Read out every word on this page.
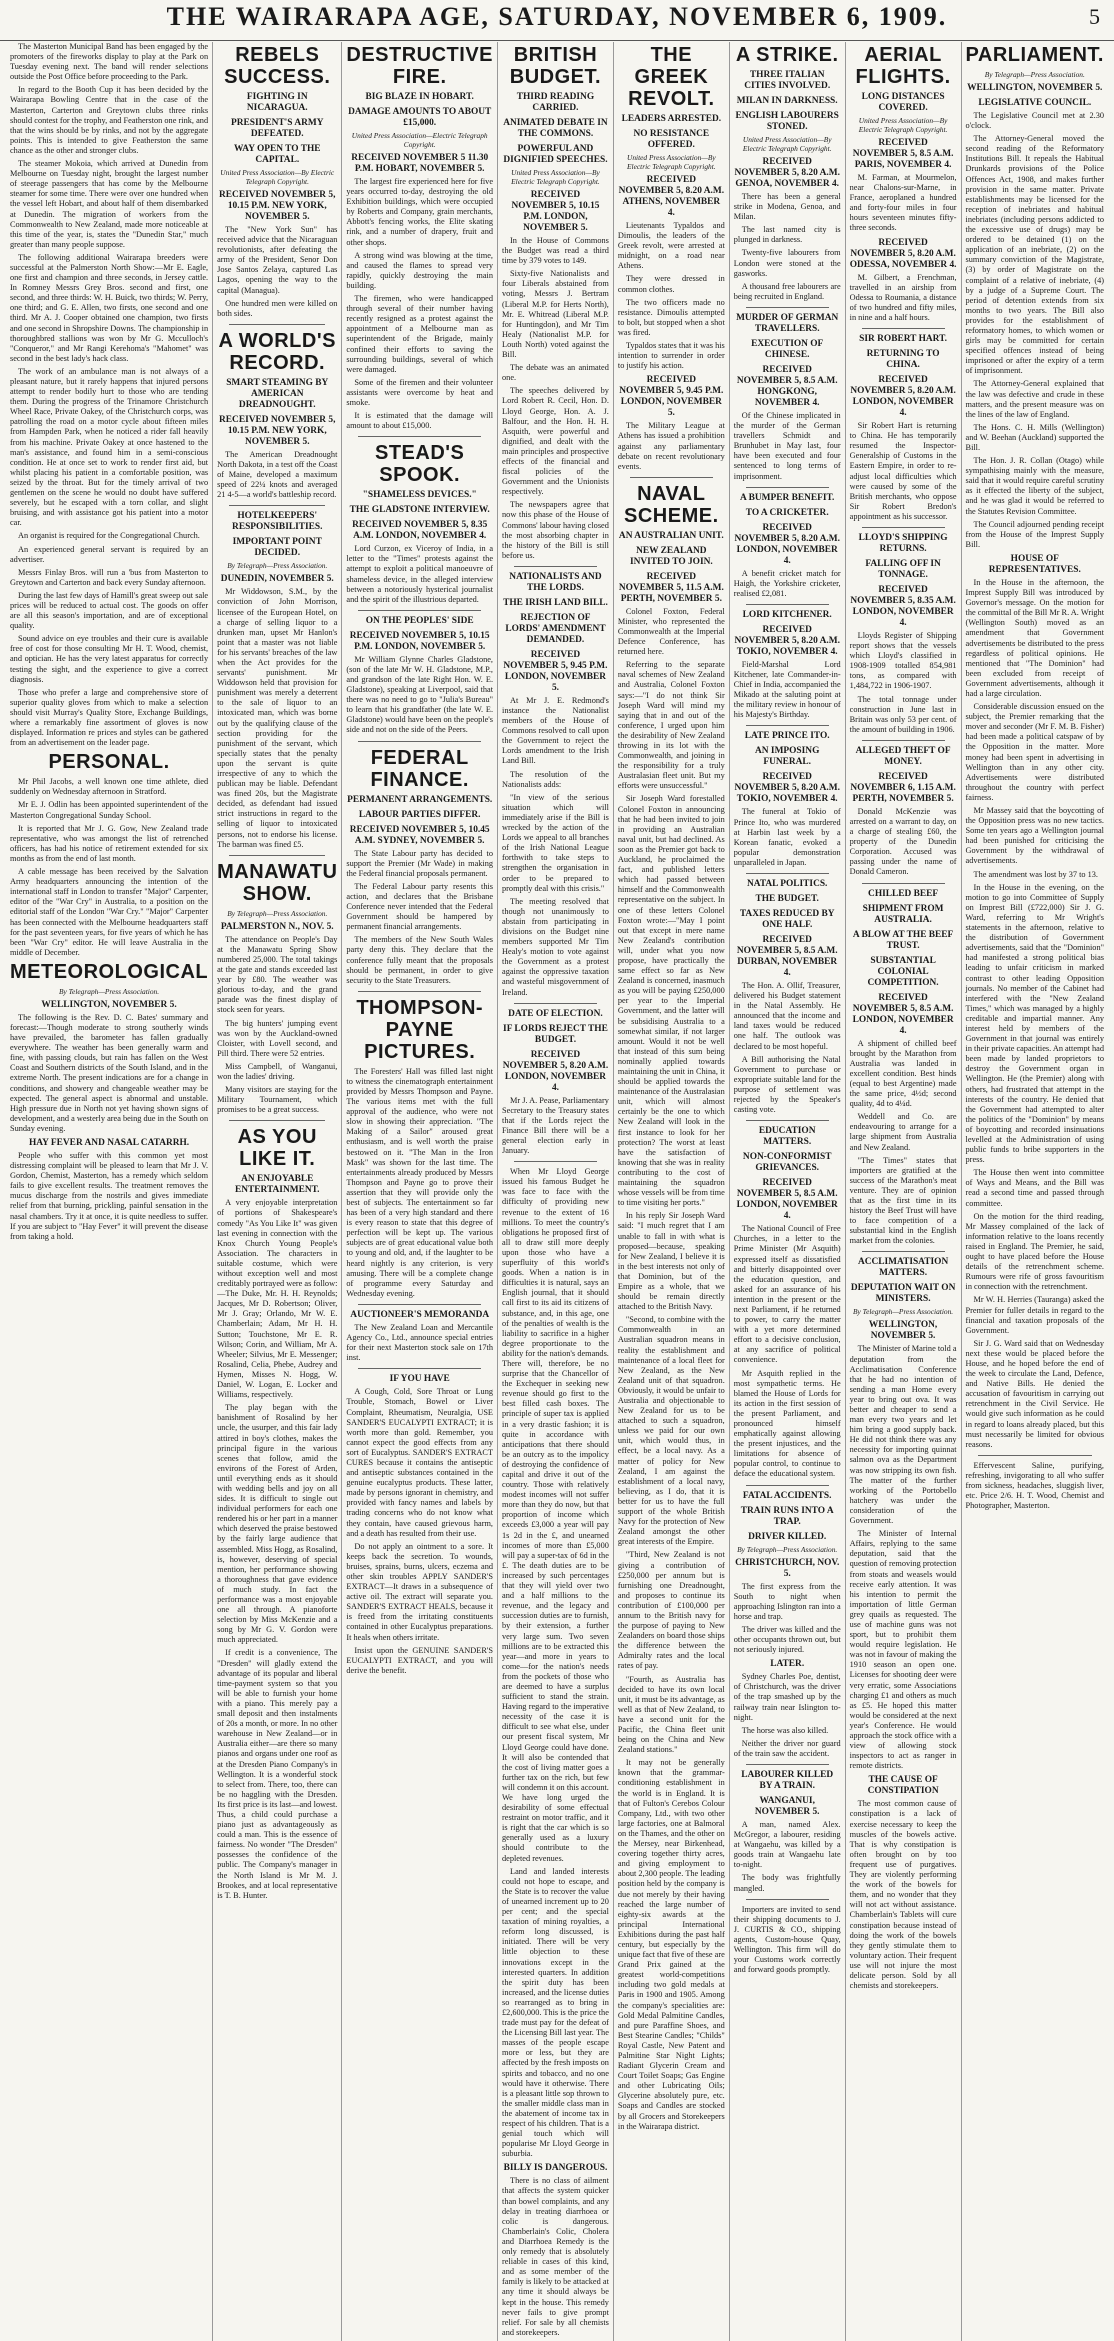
THE WAIRARAPA AGE, SATURDAY, NOVEMBER 6, 1909.	5

The Masterton Municipal Band has been engaged by the promoters of the fireworks display to play at the Park on Tuesday evening next. The band will render selections outside the Post Office before proceeding to the Park.

In regard to the Booth Cup it has been decided by the Wairarapa Bowling Centre that in the case of the Masterton, Carterton and Greytown clubs three rinks should contest for the trophy, and Featherston one rink, and that the wins should be by rinks, and not by the aggregate points. This is intended to give Featherston the same chance as the other and stronger clubs.

The steamer Mokoia, which arrived at Dunedin from Melbourne on Tuesday night, brought the largest number of steerage passengers that has come by the Melbourne steamer for some time. There were over one hundred when the vessel left Hobart, and about half of them disembarked at Dunedin. The migration of workers from the Commonwealth to New Zealand, made more noticeable at this time of the year, is, states the "Dunedin Star," much greater than many people suppose.

The following additional Wairarapa breeders were successful at the Palmerston North Show:—Mr E. Eagle, one first and champion and three seconds, in Jersey cattle. In Romney Messrs Grey Bros. second and first, one second, and three thirds: W. H. Buick, two thirds; W. Perry, one third; and G. E. Allen, two firsts, one second and one third. Mr A. J. Cooper obtained one champion, two firsts and one second in Shropshire Downs. The championship in thoroughbred stallions was won by Mr G. Mcculloch's "Conqueror," and Mr Rangi Kerehoma's "Mahomet" was second in the best lady's hack class.

The work of an ambulance man is not always of a pleasant nature, but it rarely happens that injured persons attempt to render bodily hurt to those who are tending them. During the progress of the Trinamore Christchurch Wheel Race, Private Oakey, of the Christchurch corps, was patrolling the road on a motor cycle about fifteen miles from Hampden Park, when he noticed a rider fall heavily from his machine. Private Oakey at once hastened to the man's assistance, and found him in a semi-conscious condition. He at once set to work to render first aid, but whilst placing his patient in a comfortable position, was seized by the throat. But for the timely arrival of two gentlemen on the scene he would no doubt have suffered severely, but he escaped with a torn collar, and slight bruising, and with assistance got his patient into a motor car.

An organist is required for the Congregational Church.

An experienced general servant is required by an advertiser.

Messrs Finlay Bros. will run a 'bus from Masterton to Greytown and Carterton and back every Sunday afternoon.

During the last few days of Hamill's great sweep out sale prices will be reduced to actual cost. The goods on offer are all this season's importation, and are of exceptional quality.

Sound advice on eye troubles and their cure is available free of cost for those consulting Mr H. T. Wood, chemist, and optician. He has the very latest apparatus for correctly testing the sight, and the experience to give a correct diagnosis.

Those who prefer a large and comprehensive store of superior quality gloves from which to make a selection should visit Murray's Quality Store, Exchange Buildings, where a remarkably fine assortment of gloves is now displayed. Information re prices and styles can be gathered from an advertisement on the leader page.

PERSONAL.

Mr Phil Jacobs, a well known one time athlete, died suddenly on Wednesday afternoon in Stratford.

Mr E. J. Odlin has been appointed superintendent of the Masterton Congregational Sunday School.

It is reported that Mr J. G. Gow, New Zealand trade representative, who was amongst the list of retrenched officers, has had his notice of retirement extended for six months as from the end of last month.

A cable message has been received by the Salvation Army headquarters announcing the intention of the international staff in London to transfer "Major" Carpenter, editor of the "War Cry" in Australia, to a position on the editorial staff of the London "War Cry." "Major" Carpenter has been connected with the Melbourne headquarters staff for the past seventeen years, for five years of which he has been "War Cry" editor. He will leave Australia in the middle of December.

METEOROLOGICAL
By Telegraph—Press Association.
WELLINGTON, NOVEMBER 5.

The following is the Rev. D. C. Bates' summary and forecast:—Though moderate to strong southerly winds have prevailed, the barometer has fallen gradually everywhere. The weather has been generally warm and fine, with passing clouds, but rain has fallen on the West Coast and Southern districts of the South Island, and in the extreme North. The present indications are for a change in conditions, and showery and changeable weather may be expected. The general aspect is abnormal and unstable. High pressure due in North not yet having shown signs of development, and a westerly area being due in the South on Sunday evening.

HAY FEVER AND NASAL CATARRH.

People who suffer with this common yet most distressing complaint will be pleased to learn that Mr J. V. Gordon, Chemist, Masterton, has a remedy which seldom fails to give excellent results. The treatment removes the mucus discharge from the nostrils and gives immediate relief from that burning, prickling, painful sensation in the nasal chambers. Try it at once, it is quite needless to suffer. If you are subject to "Hay Fever" it will prevent the disease from taking a hold.

REBELS SUCCESS.
FIGHTING IN NICARAGUA.
PRESIDENT'S ARMY DEFEATED.
WAY OPEN TO THE CAPITAL.
United Press Association—By Electric Telegraph Copyright.
RECEIVED NOVEMBER 5, 10.15 P.M. NEW YORK, NOVEMBER 5.

The "New York Sun" has received advice that the Nicaraguan revolutionists, after defeating the army of the President, Senor Don Jose Santos Zelaya, captured Las Lagos, opening the way to the capital (Managua).

One hundred men were killed on both sides.

A WORLD'S RECORD.
SMART STEAMING BY AMERICAN DREADNOUGHT.
RECEIVED NOVEMBER 5, 10.15 P.M. NEW YORK, NOVEMBER 5.

The American Dreadnought North Dakota, in a test off the Coast of Maine, developed a maximum speed of 22¼ knots and averaged 21 4-5—a world's battleship record.

HOTELKEEPERS' RESPONSIBILITIES.
IMPORTANT POINT DECIDED.
By Telegraph—Press Association.
DUNEDIN, NOVEMBER 5.

Mr Widdowson, S.M., by the conviction of John Morrison, licensee of the European Hotel, on a charge of selling liquor to a drunken man, upset Mr Hanlon's point that a master was not liable for his servants' breaches of the law when the Act provides for the servants' punishment. Mr Widdowson held that provision for punishment was merely a deterrent to the sale of liquor to an intoxicated man, which was borne out by the qualifying clause of the section providing for the punishment of the servant, which specially states that the penalty upon the servant is quite irrespective of any to which the publican may be liable. Defendant was fined 20s, but the Magistrate decided, as defendant had issued strict instructions in regard to the selling of liquor to intoxicated persons, not to endorse his license. The barman was fined £5.

MANAWATU SHOW.
By Telegraph—Press Association.
PALMERSTON N., NOV. 5.

The attendance on People's Day at the Manawatu Spring Show numbered 25,000. The total takings at the gate and stands exceeded last year by £80. The weather was glorious to-day, and the grand parade was the finest display of stock seen for years.

The big hunters' jumping event was won by the Auckland-owned Cloister, with Lovell second, and Pill third. There were 52 entries.

Miss Campbell, of Wanganui, won the ladies' driving.

Many visitors are staying for the Military Tournament, which promises to be a great success.

AS YOU LIKE IT.
AN ENJOYABLE ENTERTAINMENT.

A very enjoyable interpretation of portions of Shakespeare's comedy "As You Like It" was given last evening in connection with the Knox Church Young People's Association. The characters in suitable costume, which were without exception well and most creditably portrayed were as follow:—The Duke, Mr. H. H. Reynolds; Jacques, Mr D. Robertson; Oliver, Mr J. Gray; Orlando, Mr W. E. Chamberlain; Adam, Mr H. H. Sutton; Touchstone, Mr E. R. Wilson; Corin, and William, Mr A. Wheeler; Silvius, Mr E. Messenger; Rosalind, Celia, Phebe, Audrey and Hymen, Misses N. Hogg, W. Daniel, W. Logan, E. Locker and Williams, respectively.

The play began with the banishment of Rosalind by her uncle, the usurper, and this fair lady attired in boy's clothes, makes the principal figure in the various scenes that follow, amid the environs of the Forest of Arden, until everything ends as it should with wedding bells and joy on all sides. It is difficult to single out individual performers for each one rendered his or her part in a manner which deserved the praise bestowed by the fairly large audience that assembled. Miss Hogg, as Rosalind, is, however, deserving of special mention, her performance showing a thoroughness that gave evidence of much study. In fact the performance was a most enjoyable one all through. A pianoforte selection by Miss McKenzie and a song by Mr G. V. Gordon were much appreciated.

If credit is a convenience, The "Dresden" will gladly extend the advantage of its popular and liberal time-payment system so that you will be able to furnish your home with a piano. This merely pay a small deposit and then instalments of 20s a month, or more. In no other warehouse in New Zealand—or in Australia either—are there so many pianos and organs under one roof as at the Dresden Piano Company's in Wellington. It is a wonderful stock to select from. There, too, there can be no haggling with the Dresden. Its first price is its last—and lowest. Thus, a child could purchase a piano just as advantageously as could a man. This is the essence of fairness. No wonder "The Dresden" possesses the confidence of the public. The Company's manager in the North Island is Mr M. J. Brookes, and at local representative is T. B. Hunter.

DESTRUCTIVE FIRE.
BIG BLAZE IN HOBART.
DAMAGE AMOUNTS TO ABOUT £15,000.
United Press Association—Electric Telegraph Copyright.
RECEIVED NOVEMBER 5 11.30 P.M. HOBART, NOVEMBER 5.

The largest fire experienced here for five years occurred to-day, destroying the old Exhibition buildings, which were occupied by Roberts and Company, grain merchants, Abbott's fencing works, the Elite skating rink, and a number of drapery, fruit and other shops.

A strong wind was blowing at the time, and caused the flames to spread very rapidly, quickly destroying the main building.

The firemen, who were handicapped through several of their number having recently resigned as a protest against the appointment of a Melbourne man as superintendent of the Brigade, mainly confined their efforts to saving the surrounding buildings, several of which were damaged.

Some of the firemen and their volunteer assistants were overcome by heat and smoke.

It is estimated that the damage will amount to about £15,000.

STEAD'S SPOOK.
"SHAMELESS DEVICES."
THE GLADSTONE INTERVIEW.
RECEIVED NOVEMBER 5, 8.35 A.M. LONDON, NOVEMBER 4.

Lord Curzon, ex Viceroy of India, in a letter to the "Times" protests against the attempt to exploit a political manoeuvre of shameless device, in the alleged interview between a notoriously hysterical journalist and the spirit of the illustrious departed.

ON THE PEOPLES' SIDE
RECEIVED NOVEMBER 5, 10.15 P.M. LONDON, NOVEMBER 5.

Mr William Glynne Charles Gladstone, (son of the late Mr W. H. Gladstone, M.P., and grandson of the late Right Hon. W. E. Gladstone), speaking at Liverpool, said that there was no need to go to "Julia's Bureau" to learn that his grandfather (the late W. E. Gladstone) would have been on the people's side and not on the side of the Peers.

FEDERAL FINANCE.
PERMANENT ARRANGEMENTS.
LABOUR PARTIES DIFFER.
RECEIVED NOVEMBER 5, 10.45 A.M. SYDNEY, NOVEMBER 5.

The State Labour party has decided to support the Premier (Mr Wade) in making the Federal financial proposals permanent.

The Federal Labour party resents this action, and declares that the Brisbane Conference never intended that the Federal Government should be hampered by permanent financial arrangements.

The members of the New South Wales party deny this. They declare that the conference fully meant that the proposals should be permanent, in order to give security to the State Treasurers.

THOMPSON-PAYNE PICTURES.

The Foresters' Hall was filled last night to witness the cinematograph entertainment provided by Messrs Thompson and Payne. The various items met with the full approval of the audience, who were not slow in showing their appreciation. "The Making of a Sailor" aroused great enthusiasm, and is well worth the praise bestowed on it. "The Man in the Iron Mask" was shown for the last time. The entertainments already produced by Messrs Thompson and Payne go to prove their assertion that they will provide only the best of subjects. The entertainment so far has been of a very high standard and there is every reason to state that this degree of perfection will be kept up. The various subjects are of great educational value both to young and old, and, if the laughter to be heard nightly is any criterion, is very amusing. There will be a complete change of programme every Saturday and Wednesday evening.

AUCTIONEER'S MEMORANDA

The New Zealand Loan and Mercantile Agency Co., Ltd., announce special entries for their next Masterton stock sale on 17th inst.

IF YOU HAVE

A Cough, Cold, Sore Throat or Lung Trouble, Stomach, Bowel or Liver Complaint, Rheumatism, Neuralgia, USE SANDER'S EUCALYPTI EXTRACT; it is worth more than gold. Remember, you cannot expect the good effects from any sort of Eucalyptus. SANDER'S EXTRACT CURES because it contains the antiseptic and antiseptic substances contained in the genuine eucalyptus products. These latter, made by persons ignorant in chemistry, and provided with fancy names and labels by trading concerns who do not know what they contain, have caused grievous harm, and a death has resulted from their use.

Do not apply an ointment to a sore. It keeps back the secretion. To wounds, bruises, sprains, burns, ulcers, eczema and other skin troubles APPLY SANDER'S EXTRACT—It draws in a subsequence of active oil. The extract will separate you. SANDER'S EXTRACT HEALS, because it is freed from the irritating constituents contained in other Eucalyptus preparations. It heals when others irritate.

Insist upon the GENUINE SANDER'S EUCALYPTI EXTRACT, and you will derive the benefit.

BRITISH BUDGET.
THIRD READING CARRIED.
ANIMATED DEBATE IN THE COMMONS.
POWERFUL AND DIGNIFIED SPEECHES.
United Press Association—By Electric Telegraph Copyright.
RECEIVED NOVEMBER 5, 10.15 P.M. LONDON, NOVEMBER 5.

In the House of Commons the Budget was read a third time by 379 votes to 149.

Sixty-five Nationalists and four Liberals abstained from voting, Messrs J. Bertram (Liberal M.P. for Herts North), Mr. E. Whitread (Liberal M.P. for Huntingdon), and Mr Tim Healy (Nationalist M.P. for Louth North) voted against the Bill.

The debate was an animated one.

The speeches delivered by Lord Robert R. Cecil, Hon. D. Lloyd George, Hon. A. J. Balfour, and the Hon. H. H. Asquith, were powerful and dignified, and dealt with the main principles and prospective effects of the financial and fiscal policies of the Government and the Unionists respectively.

The newspapers agree that now this phase of the House of Commons' labour having closed the most absorbing chapter in the history of the Bill is still before us.

NATIONALISTS AND THE LORDS.
THE IRISH LAND BILL.
REJECTION OF LORDS' AMENDMENT DEMANDED.
RECEIVED NOVEMBER 5, 9.45 P.M. LONDON, NOVEMBER 5.

At Mr J. E. Redmond's instance the Nationalist members of the House of Commons resolved to call upon the Government to reject the Lords amendment to the Irish Land Bill.

The resolution of the Nationalists adds:

"In view of the serious situation which will immediately arise if the Bill is wrecked by the action of the Lords we appeal to all branches of the Irish National League forthwith to take steps to strengthen the organisation in order to be prepared to promptly deal with this crisis."

The meeting resolved that though not unanimously to abstain from participating in divisions on the Budget nine members supported Mr Tim Healy's motion to vote against the Government as a protest against the oppressive taxation and wasteful misgovernment of Ireland.

DATE OF ELECTION.
IF LORDS REJECT THE BUDGET.
RECEIVED NOVEMBER 5, 8.20 A.M. LONDON, NOVEMBER 4.

Mr J. A. Pease, Parliamentary Secretary to the Treasury states that if the Lords reject the Finance Bill there will be a general election early in January.

When Mr Lloyd George issued his famous Budget he was face to face with the difficulty of providing new revenue to the extent of 16 millions. To meet the country's obligations he proposed first of all to draw still more deeply upon those who have a superfluity of this world's goods. When a nation is in difficulties it is natural, says an English journal, that it should call first to its aid its citizens of substance, and, in this age, one of the penalties of wealth is the liability to sacrifice in a higher degree proportionate to the ability for the nation's demands. There will, therefore, be no surprise that the Chancellor of the Exchequer in seeking new revenue should go first to the best filled cash boxes. The principle of super tax is applied in a very drastic fashion; it is quite in accordance with anticipations that there should be an outcry as to the impolicy of destroying the confidence of capital and drive it out of the country. Those with relatively modest incomes will not suffer more than they do now, but that proportion of income which exceeds £3,000 a year will pay 1s 2d in the £, and unearned incomes of more than £5,000 will pay a super-tax of 6d in the £. The death duties are to be increased by such percentages that they will yield over two and a half millions to the revenue, and the legacy and succession duties are to furnish, by their extension, a further very large sum. Two seven millions are to be extracted this year—and more in years to come—for the nation's needs from the pockets of those who are deemed to have a surplus sufficient to stand the strain. Having regard to the imperative necessity of the case it is difficult to see what else, under our present fiscal system, Mr Lloyd George could have done. It will also be contended that the cost of living matter goes a further tax on the rich, but few will condemn it on this account. We have long urged the desirability of some effectual restraint on motor traffic, and it is right that the car which is so generally used as a luxury should contribute to the depleted revenues.

Land and landed interests could not hope to escape, and the State is to recover the value of unearned increment up to 20 per cent; and the special taxation of mining royalties, a reform long discussed, is initiated. There will be very little objection to these innovations except in the interested quarters. In addition the spirit duty has been increased, and the license duties so rearranged as to bring in £2,600,000. This is the price the trade must pay for the defeat of the Licensing Bill last year. The masses of the people escape more or less, but they are affected by the fresh imposts on spirits and tobacco, and no one would have it otherwise. There is a pleasant little sop thrown to the smaller middle class man in the abatement of income tax in respect of his children. That is a genial touch which will popularise Mr Lloyd George in suburbia.

BILLY IS DANGEROUS.

There is no class of ailment that affects the system quicker than bowel complaints, and any delay in treating diarrhoea or colic is dangerous. Chamberlain's Colic, Cholera and Diarrhoea Remedy is the only remedy that is absolutely reliable in cases of this kind, and as some member of the family is likely to be attacked at any time it should always be kept in the house. This remedy never fails to give prompt relief. For sale by all chemists and storekeepers.

THE GREEK REVOLT.
LEADERS ARRESTED.
NO RESISTANCE OFFERED.
United Press Association—By Electric Telegraph Copyright.
RECEIVED NOVEMBER 5, 8.20 A.M. ATHENS, NOVEMBER 4.

Lieutenants Typaldos and Dimoulis, the leaders of the Greek revolt, were arrested at midnight, on a road near Athens.

They were dressed in common clothes.

The two officers made no resistance. Dimoulis attempted to bolt, but stopped when a shot was fired.

Typaldos states that it was his intention to surrender in order to justify his action.

RECEIVED NOVEMBER 5, 9.45 P.M. LONDON, NOVEMBER 5.

The Military League at Athens has issued a prohibition against any parliamentary debate on recent revolutionary events.

NAVAL SCHEME.
AN AUSTRALIAN UNIT.
NEW ZEALAND INVITED TO JOIN.
RECEIVED NOVEMBER 5, 11.5 A.M. PERTH, NOVEMBER 5.

Colonel Foxton, Federal Minister, who represented the Commonwealth at the Imperial Defence Conference, has returned here.

Referring to the separate naval schemes of New Zealand and Australia, Colonel Foxton says:—"I do not think Sir Joseph Ward will mind my saying that in and out of the conference, I urged upon him the desirability of New Zealand throwing in its lot with the Commonwealth, and joining in the responsibility for a truly Australasian fleet unit. But my efforts were unsuccessful."

Sir Joseph Ward forestalled Colonel Foxton in announcing that he had been invited to join in providing an Australian naval unit, but had declined. As soon as the Premier got back to Auckland, he proclaimed the fact, and published letters which had passed between himself and the Commonwealth representative on the subject. In one of these letters Colonel Foxton wrote:—"May I point out that except in mere name New Zealand's contribution will, under what you now propose, have practically the same effect so far as New Zealand is concerned, inasmuch as you will be paying £250,000 per year to the Imperial Government, and the latter will be subsidising Australia to a somewhat similar, if not larger amount. Would it not be well that instead of this sum being nominally applied towards maintaining the unit in China, it should be applied towards the maintenance of the Australasian unit, which will almost certainly be the one to which New Zealand will look in the first instance to look for her protection? The worst at least have the satisfaction of knowing that she was in reality contributing to the cost of maintaining the squadron whose vessels will be from time to time visiting her ports."

In his reply Sir Joseph Ward said: "I much regret that I am unable to fall in with what is proposed—because, speaking for New Zealand, I believe it is in the best interests not only of that Dominion, but of the Empire as a whole, that we should be remain directly attached to the British Navy.

"Second, to combine with the Commonwealth in an Australian squadron means in reality the establishment and maintenance of a local fleet for New Zealand, as the New Zealand unit of that squadron. Obviously, it would be unfair to Australia and objectionable to New Zealand for us to be attached to such a squadron, unless we paid for our own unit, which would thus, in effect, be a local navy. As a matter of policy for New Zealand, I am against the establishment of a local navy, believing, as I do, that it is better for us to have the full support of the whole British Navy for the protection of New Zealand amongst the other great interests of the Empire.

"Third, New Zealand is not giving a contribution of £250,000 per annum but is furnishing one Dreadnought, and proposes to continue its contribution of £100,000 per annum to the British navy for the purpose of paying to New Zealanders on board those ships the difference between the Admiralty rates and the local rates of pay.

"Fourth, as Australia has decided to have its own local unit, it must be its advantage, as well as that of New Zealand, to have a second unit for the Pacific, the China fleet unit being on the China and New Zealand stations."

It may not be generally known that the grammar-conditioning establishment in the world is in England. It is that of Fulton's Cerebos Colour Company, Ltd., with two other large factories, one at Balmoral on the Thames, and the other on the Mersey, near Birkenhead, covering together thirty acres, and giving employment to about 2,300 people. The leading position held by the company is due not merely by their having reached the large number of eighty-six awards at the principal International Exhibitions during the past half century, but especially by the unique fact that five of these are Grand Prix gained at the greatest world-competitions including two gold medals at Paris in 1900 and 1905. Among the company's specialities are: Gold Medal Palmitine Candles, and pure Paraffine Shoes, and Best Stearine Candles; "Childs" Royal Castle, New Patent and Palmitine Star Night Lights; Radiant Glycerin Cream and Court Toilet Soaps; Gas Engine and other Lubricating Oils; Glycerine absolutely pure, etc. Soaps and Candles are stocked by all Grocers and Storekeepers in the Wairarapa district.

A STRIKE.
THREE ITALIAN CITIES INVOLVED.
MILAN IN DARKNESS.
ENGLISH LABOURERS STONED.
United Press Association—By Electric Telegraph Copyright.
RECEIVED NOVEMBER 5, 8.20 A.M. GENOA, NOVEMBER 4.

There has been a general strike in Modena, Genoa, and Milan.

The last named city is plunged in darkness.

Twenty-five labourers from London were stoned at the gasworks.

A thousand free labourers are being recruited in England.

MURDER OF GERMAN TRAVELLERS.
EXECUTION OF CHINESE.
RECEIVED NOVEMBER 5, 8.5 A.M. HONGKONG, NOVEMBER 4.

Of the Chinese implicated in the murder of the German travellers Schmidt and Brunhubet in May last, four have been executed and four sentenced to long terms of imprisonment.

A BUMPER BENEFIT.
TO A CRICKETER.
RECEIVED NOVEMBER 5, 8.20 A.M. LONDON, NOVEMBER 4.

A benefit cricket match for Haigh, the Yorkshire cricketer, realised £2,081.

LORD KITCHENER.
RECEIVED NOVEMBER 5, 8.20 A.M. TOKIO, NOVEMBER 4.

Field-Marshal Lord Kitchener, late Commander-in-Chief in India, accompanied the Mikado at the saluting point at the military review in honour of his Majesty's Birthday.

LATE PRINCE ITO.
AN IMPOSING FUNERAL.
RECEIVED NOVEMBER 5, 8.20 A.M. TOKIO, NOVEMBER 4.

The funeral at Tokio of Prince Ito, who was murdered at Harbin last week by a Korean fanatic, evoked a popular demonstration unparalleled in Japan.

NATAL POLITICS.
THE BUDGET.
TAXES REDUCED BY ONE HALF.
RECEIVED NOVEMBER 5, 8.5 A.M. DURBAN, NOVEMBER 4.

The Hon. A. Ollif, Treasurer, delivered his Budget statement in the Natal Assembly. He announced that the income and land taxes would be reduced one half. The outlook was declared to be most hopeful.

A Bill authorising the Natal Government to purchase or expropriate suitable land for the purpose of settlement was rejected by the Speaker's casting vote.

EDUCATION MATTERS.
NON-CONFORMIST GRIEVANCES.
RECEIVED NOVEMBER 5, 8.5 A.M. LONDON, NOVEMBER 4.

The National Council of Free Churches, in a letter to the Prime Minister (Mr Asquith) expressed itself as dissatisfied and bitterly disappointed over the education question, and asked for an assurance of his intention in the present or the next Parliament, if he returned to power, to carry the matter with a yet more determined effort to a decisive conclusion, at any sacrifice of political convenience.

Mr Asquith replied in the most sympathetic terms. He blamed the House of Lords for its action in the first session of the present Parliament, and pronounced himself emphatically against allowing the present injustices, and the limitations for absence of popular control, to continue to deface the educational system.

FATAL ACCIDENTS.
TRAIN RUNS INTO A TRAP.
DRIVER KILLED.
By Telegraph—Press Association.
CHRISTCHURCH, NOV. 5.

The first express from the South to night when approaching Islington ran into a horse and trap.

The driver was killed and the other occupants thrown out, but not seriously injured.

LATER.

Sydney Charles Poe, dentist, of Christchurch, was the driver of the trap smashed up by the railway train near Islington to-night.

The horse was also killed.

Neither the driver nor guard of the train saw the accident.

LABOURER KILLED BY A TRAIN.
WANGANUI, NOVEMBER 5.

A man, named Alex. McGregor, a labourer, residing at Wangaehu, was killed by a goods train at Wangaehu late to-night.

The body was frightfully mangled.

Importers are invited to send their shipping documents to J. J. CURTIS & CO., shipping agents, Custom-house Quay, Wellington. This firm will do your Customs work correctly and forward goods promptly.

AERIAL FLIGHTS.
LONG DISTANCES COVERED.
United Press Association—By Electric Telegraph Copyright.
RECEIVED NOVEMBER 5, 8.5 A.M. PARIS, NOVEMBER 4.

M. Farman, at Mourmelon, near Chalons-sur-Marne, in France, aeroplaned a hundred and forty-four miles in four hours seventeen minutes fifty-three seconds.

RECEIVED NOVEMBER 5, 8.20 A.M. ODESSA, NOVEMBER 4.

M. Gilbert, a Frenchman, travelled in an airship from Odessa to Roumania, a distance of two hundred and fifty miles, in nine and a half hours.

SIR ROBERT HART.
RETURNING TO CHINA.
RECEIVED NOVEMBER 5, 8.20 A.M. LONDON, NOVEMBER 4.

Sir Robert Hart is returning to China. He has temporarily resumed the Inspector-Generalship of Customs in the Eastern Empire, in order to re-adjust local difficulties which were caused by some of the British merchants, who oppose Sir Robert Bredon's appointment as his successor.

LLOYD'S SHIPPING RETURNS.
FALLING OFF IN TONNAGE.
RECEIVED NOVEMBER 5, 8.35 A.M. LONDON, NOVEMBER 4.

Lloyds Register of Shipping report shows that the vessels which Lloyd's classified in 1908-1909 totalled 854,981 tons, as compared with 1,484,722 in 1906-1907.

The total tonnage under construction in June last in Britain was only 53 per cent. of the amount of building in 1906.

ALLEGED THEFT OF MONEY.
RECEIVED NOVEMBER 6, 1.15 A.M. PERTH, NOVEMBER 5.

Donald McKenzie was arrested on a warrant to day, on a charge of stealing £60, the property of the Dunedin Corporation. Accused was passing under the name of Donald Cameron.

CHILLED BEEF
SHIPMENT FROM AUSTRALIA.
A BLOW AT THE BEEF TRUST.
SUBSTANTIAL COLONIAL COMPETITION.
RECEIVED NOVEMBER 5, 8.5 A.M. LONDON, NOVEMBER 4.

A shipment of chilled beef brought by the Marathon from Australia was landed in excellent condition. Best hinds (equal to best Argentine) made the same price, 4½d; second quality, 4d to 4¼d.

Weddell and Co. are endeavouring to arrange for a large shipment from Australia and New Zealand.

"The Times" states that importers are gratified at the success of the Marathon's meat venture. They are of opinion that as the first time in its history the Beef Trust will have to face competition of a substantial kind in the English market from the colonies.

ACCLIMATISATION MATTERS.
DEPUTATION WAIT ON MINISTERS.
By Telegraph—Press Association.
WELLINGTON, NOVEMBER 5.

The Minister of Marine told a deputation from the Acclimatisation Conference that he had no intention of sending a man Home every year to bring out ova. It was better and cheaper to send a man every two years and let him bring a good supply back. He did not think there was any necessity for importing quinnat salmon ova as the Department was now stripping its own fish. The matter of the further working of the Portobello hatchery was under the consideration of the Government.

The Minister of Internal Affairs, replying to the same deputation, said that the question of removing protection from stoats and weasels would receive early attention. It was his intention to permit the importation of little German grey quails as requested. The use of machine guns was not sport, but to prohibit them would require legislation. He was not in favour of making the 1910 season an open one. Licenses for shooting deer were very erratic, some Associations charging £1 and others as much as £5. He hoped this matter would be considered at the next year's Conference. He would approach the stock office with a view of allowing stock inspectors to act as ranger in remote districts.

THE CAUSE OF CONSTIPATION

The most common cause of constipation is a lack of exercise necessary to keep the muscles of the bowels active. That is why constipation is often brought on by too frequent use of purgatives. They are violently performing the work of the bowels for them, and no wonder that they will not act without assistance. Chamberlain's Tablets will cure constipation because instead of doing the work of the bowels they gently stimulate them to voluntary action. Their frequent use will not injure the most delicate person. Sold by all chemists and storekeepers.

PARLIAMENT.
By Telegraph—Press Association.
WELLINGTON, NOVEMBER 5.
LEGISLATIVE COUNCIL.

The Legislative Council met at 2.30 o'clock.

The Attorney-General moved the second reading of the Reformatory Institutions Bill. It repeals the Habitual Drunkards provisions of the Police Offences Act, 1908, and makes further provision in the same matter. Private establishments may be licensed for the reception of inebriates and habitual inebriates (including persons addicted to the excessive use of drugs) may be ordered to be detained (1) on the application of an inebriate, (2) on the summary conviction of the Magistrate, (3) by order of Magistrate on the complaint of a relative of inebriate, (4) by a judge of a Supreme Court. The period of detention extends from six months to two years. The Bill also provides for the establishment of reformatory homes, to which women or girls may be committed for certain specified offences instead of being imprisoned or after the expiry of a term of imprisonment.

The Attorney-General explained that the law was defective and crude in these matters, and the present measure was on the lines of the law of England.

The Hons. C. H. Mills (Wellington) and W. Beehan (Auckland) supported the Bill.

The Hon. J. R. Collan (Otago) while sympathising mainly with the measure, said that it would require careful scrutiny as it effected the liberty of the subject, and he was glad it would be referred to the Statutes Revision Committee.

The Council adjourned pending receipt from the House of the Imprest Supply Bill.

HOUSE OF REPRESENTATIVES.

In the House in the afternoon, the Imprest Supply Bill was introduced by Governor's message. On the motion for the committal of the Bill Mr R. A. Wright (Wellington South) moved as an amendment that Government advertisements be distributed to the press regardless of political opinions. He mentioned that "The Dominion" had been excluded from receipt of Government advertisements, although it had a large circulation.

Considerable discussion ensued on the subject, the Premier remarking that the mover and seconder (Mr F. M. B. Fisher) had been made a political catspaw of by the Opposition in the matter. More money had been spent in advertising in Wellington than in any other city. Advertisements were distributed throughout the country with perfect fairness.

Mr Massey said that the boycotting of the Opposition press was no new tactics. Some ten years ago a Wellington journal had been punished for criticising the Government by the withdrawal of advertisements.

The amendment was lost by 37 to 13.

In the House in the evening, on the motion to go into Committee of Supply on Imprest Bill (£722,000) Sir J. G. Ward, referring to Mr Wright's statements in the afternoon, relative to the distribution of Government advertisements, said that the "Dominion" had manifested a strong political bias leading to unfair criticism in marked contrast to other leading Opposition journals. No member of the Cabinet had interfered with the "New Zealand Times," which was managed by a highly creditable and impartial manner. Any interest held by members of the Government in that journal was entirely in their private capacities. An attempt had been made by landed proprietors to destroy the Government organ in Wellington. He (the Premier) along with others, had frustrated that attempt in the interests of the country. He denied that the Government had attempted to alter the politics of the "Dominion" by means of boycotting and recorded insinuations levelled at the Administration of using public funds to bribe supporters in the press.

The House then went into committee of Ways and Means, and the Bill was read a second time and passed through committee.

On the motion for the third reading, Mr Massey complained of the lack of information relative to the loans recently raised in England. The Premier, he said, ought to have placed before the House details of the retrenchment scheme. Rumours were rife of gross favouritism in connection with the retrenchment.

Mr W. H. Herries (Tauranga) asked the Premier for fuller details in regard to the financial and taxation proposals of the Government.

Sir J. G. Ward said that on Wednesday next these would be placed before the House, and he hoped before the end of the week to circulate the Land, Defence, and Native Bills. He denied the accusation of favouritism in carrying out retrenchment in the Civil Service. He would give such information as he could in regard to loans already placed, but this must necessarily be limited for obvious reasons.

Effervescent Saline, purifying, refreshing, invigorating to all who suffer from sickness, headaches, sluggish liver, etc. Price 2/6. H. T. Wood, Chemist and Photographer, Masterton.
